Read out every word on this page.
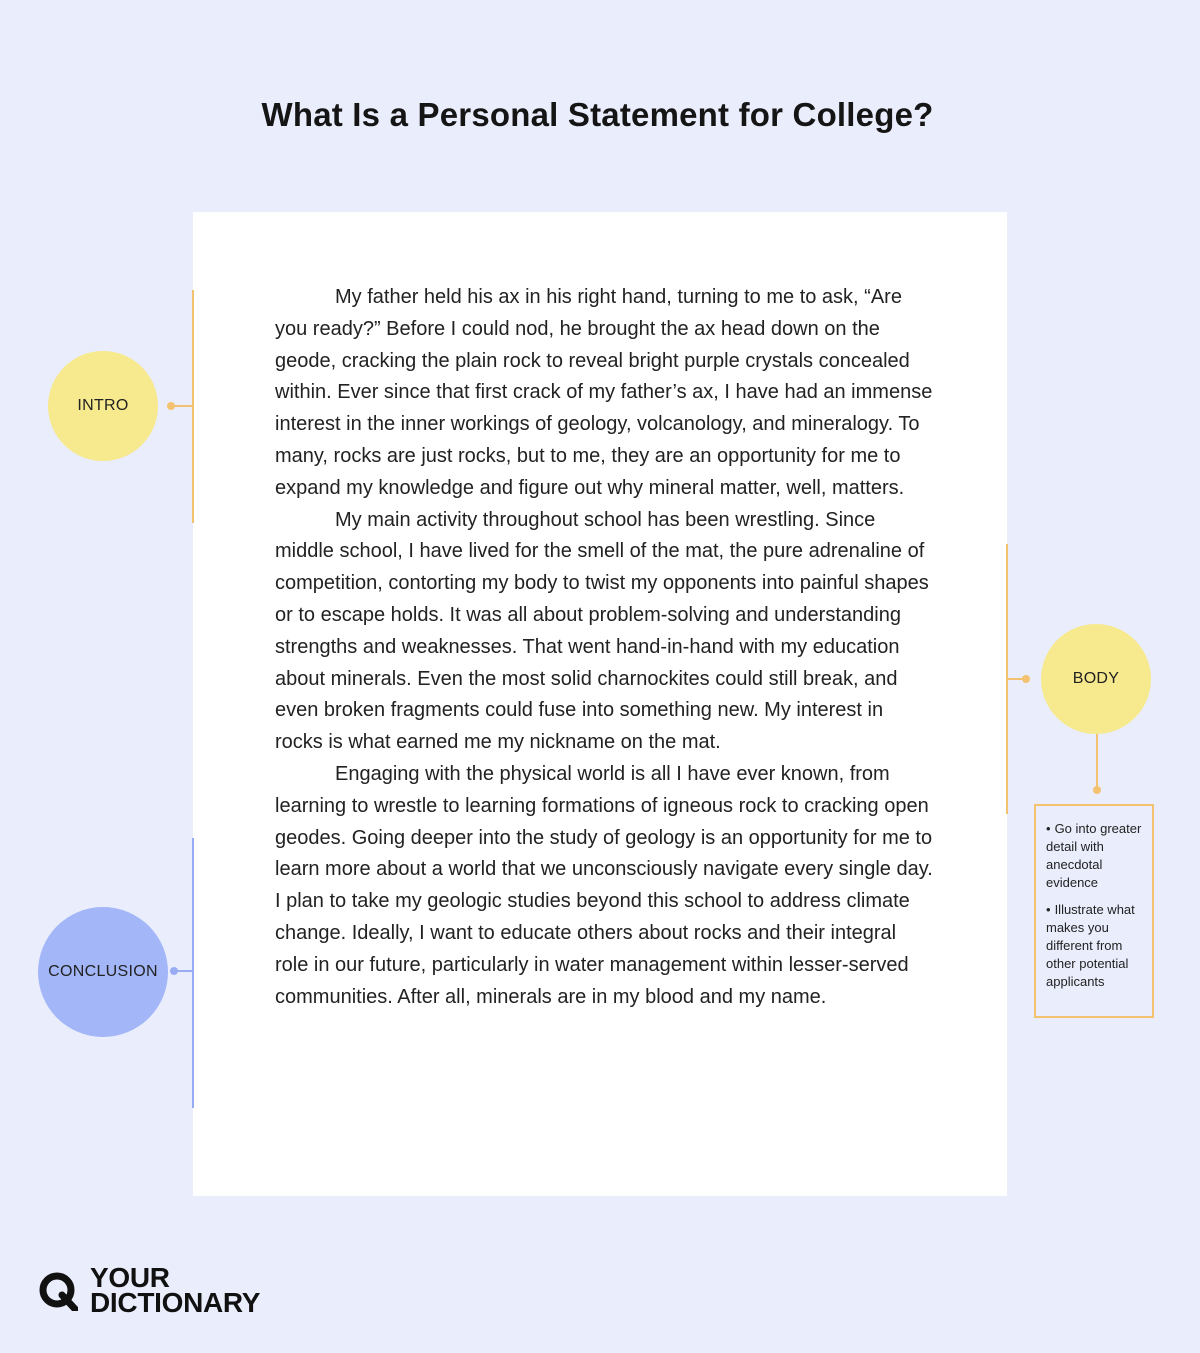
What Is a Personal Statement for College?

My father held his ax in his right hand, turning to me to ask, “Are you ready?” Before I could nod, he brought the ax head down on the geode, cracking the plain rock to reveal bright purple crystals concealed within. Ever since that first crack of my father’s ax, I have had an immense interest in the inner workings of geology, volcanology, and mineralogy. To many, rocks are just rocks, but to me, they are an opportunity for me to expand my knowledge and figure out why mineral matter, well, matters.

My main activity throughout school has been wrestling. Since middle school, I have lived for the smell of the mat, the pure adrenaline of competition, contorting my body to twist my opponents into painful shapes or to escape holds. It was all about problem-solving and understanding strengths and weaknesses. That went hand-in-hand with my education about minerals. Even the most solid charnockites could still break, and even broken fragments could fuse into something new. My interest in rocks is what earned me my nickname on the mat.

Engaging with the physical world is all I have ever known, from learning to wrestle to learning formations of igneous rock to cracking open geodes. Going deeper into the study of geology is an opportunity for me to learn more about a world that we unconsciously navigate every single day. I plan to take my geologic studies beyond this school to address climate change. Ideally, I want to educate others about rocks and their integral role in our future, particularly in water management within lesser-served communities. After all, minerals are in my blood and my name.

INTRO
BODY
• Go into greater detail with anecdotal evidence
• Illustrate what makes you different from other potential applicants
CONCLUSION
YOUR
DICTIONARY
